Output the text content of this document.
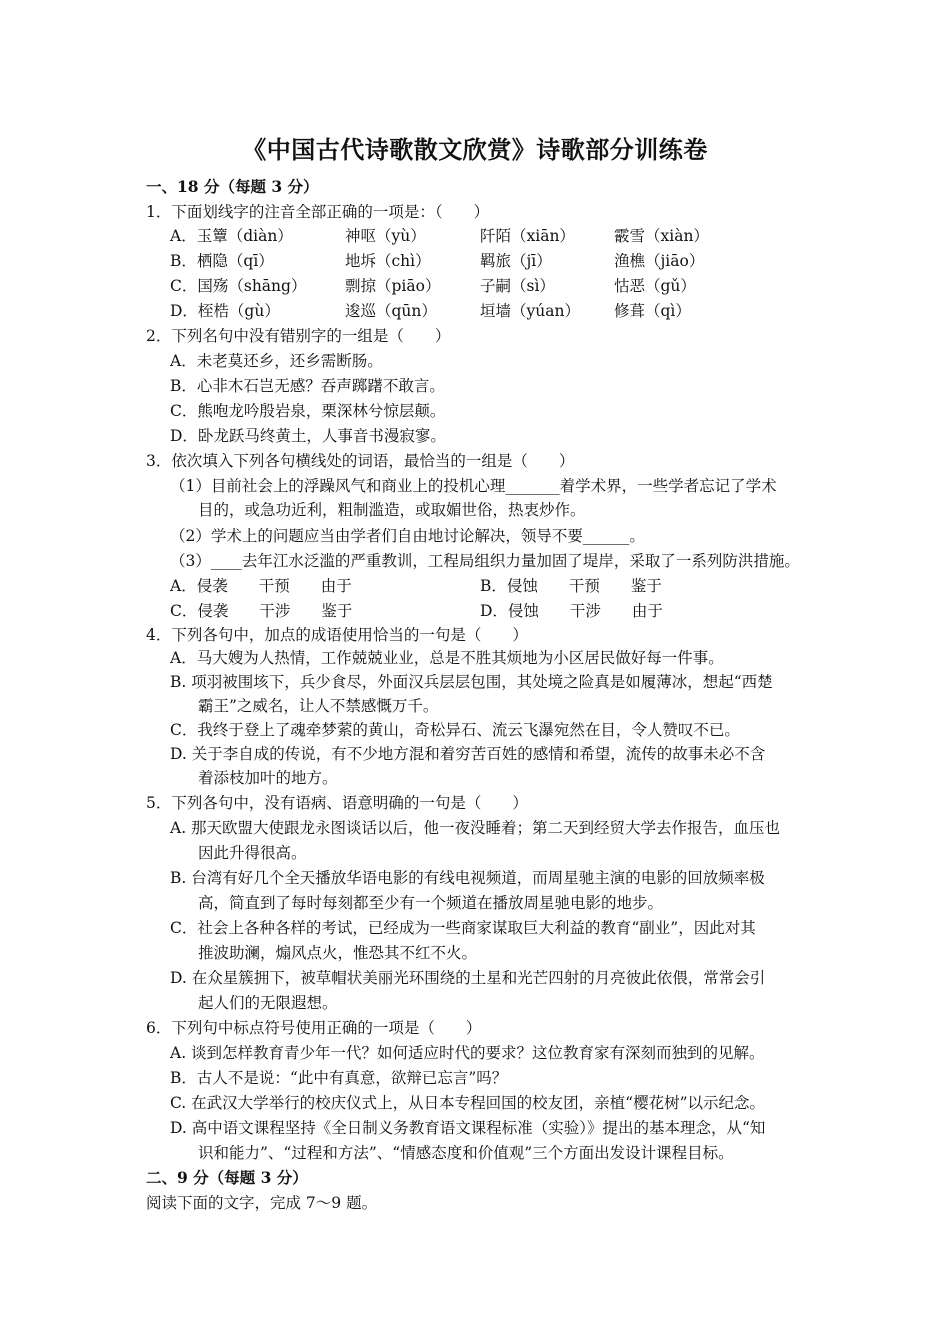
《中国古代诗歌散文欣赏》诗歌部分训练卷
一、18 分（每题 3 分）
1．下面划线字的注音全部正确的一项是：（　　）
A．玉簟（diàn）	神呕（yù）	阡陌（xiān）	霰雪（xiàn）
B．栖隐（qī）	地坼（chì）	羁旅（jī）	渔樵（jiāo）
C．国殇（shāng） 剽掠（piāo）	子嗣（sì）	怙恶（gǔ）
D．桎梏（gù）	逡巡（qūn）	垣墙（yúan） 修葺（qì）
2．下列名句中没有错别字的一组是（　　）
A．未老莫还乡，还乡需断肠。
B．心非木石岂无感？吞声踯躇不敢言。
C．熊咆龙吟殷岩泉，栗深林兮惊层颠。
D．卧龙跃马终黄土，人事音书漫寂寥。
3．依次填入下列各句横线处的词语，最恰当的一组是（　　）
（1）目前社会上的浮躁风气和商业上的投机心理_______着学术界，一些学者忘记了学术
目的，或急功近利，粗制滥造，或取媚世俗，热衷炒作。
（2）学术上的问题应当由学者们自由地讨论解决，领导不要______。
（3）____去年江水泛滥的严重教训，工程局组织力量加固了堤岸，采取了一系列防洪措施。
A．侵袭　　干预　　由于	B．侵蚀　　干预　　鉴于
C．侵袭　　干涉　　鉴于	D．侵蚀　　干涉　　由于
4．下列各句中，加点的成语使用恰当的一句是（　　）
A．马大嫂为人热情，工作兢兢业业，总是不胜其烦地为小区居民做好每一件事。
B. 项羽被围垓下，兵少食尽，外面汉兵层层包围，其处境之险真是如履薄冰，想起“西楚
霸王”之威名，让人不禁感慨万千。
C．我终于登上了魂牵梦萦的黄山，奇松异石、流云飞瀑宛然在目，令人赞叹不已。
D. 关于李自成的传说，有不少地方混和着穷苦百姓的感情和希望，流传的故事未必不含
着添枝加叶的地方。
5．下列各句中，没有语病、语意明确的一句是（　　）
A. 那天欧盟大使跟龙永图谈话以后，他一夜没睡着；第二天到经贸大学去作报告，血压也
因此升得很高。
B. 台湾有好几个全天播放华语电影的有线电视频道，而周星驰主演的电影的回放频率极
高，简直到了每时每刻都至少有一个频道在播放周星驰电影的地步。
C．社会上各种各样的考试，已经成为一些商家谋取巨大利益的教育“副业”，因此对其
推波助澜，煽风点火，惟恐其不红不火。
D. 在众星簇拥下，被草帽状美丽光环围绕的土星和光芒四射的月亮彼此依偎，常常会引
起人们的无限遐想。
6．下列句中标点符号使用正确的一项是（　　）
A. 谈到怎样教育青少年一代？如何适应时代的要求？这位教育家有深刻而独到的见解。
B．古人不是说：“此中有真意，欲辩已忘言”吗？
C. 在武汉大学举行的校庆仪式上，从日本专程回国的校友团，亲植“樱花树”以示纪念。
D. 高中语文课程坚持《全日制义务教育语文课程标准（实验）》提出的基本理念，从“知
识和能力”、“过程和方法”、“情感态度和价值观”三个方面出发设计课程目标。
二、9 分（每题 3 分）
阅读下面的文字，完成 7～9 题。
